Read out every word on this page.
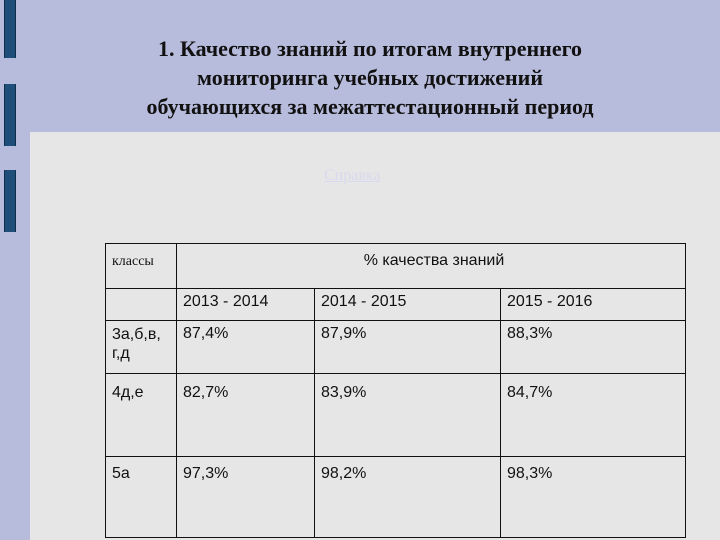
1. Качество знаний по итогам внутреннего
мониторинга учебных достижений
обучающихся за межаттестационный период
Справка
классы	% качества знаний		
	2013 - 2014	2014 - 2015	2015 - 2016
3а,б,в, г,д	87,4%	87,9%	88,3%
4д,е	82,7%	83,9%	84,7%
5а	97,3%	98,2%	98,3%
